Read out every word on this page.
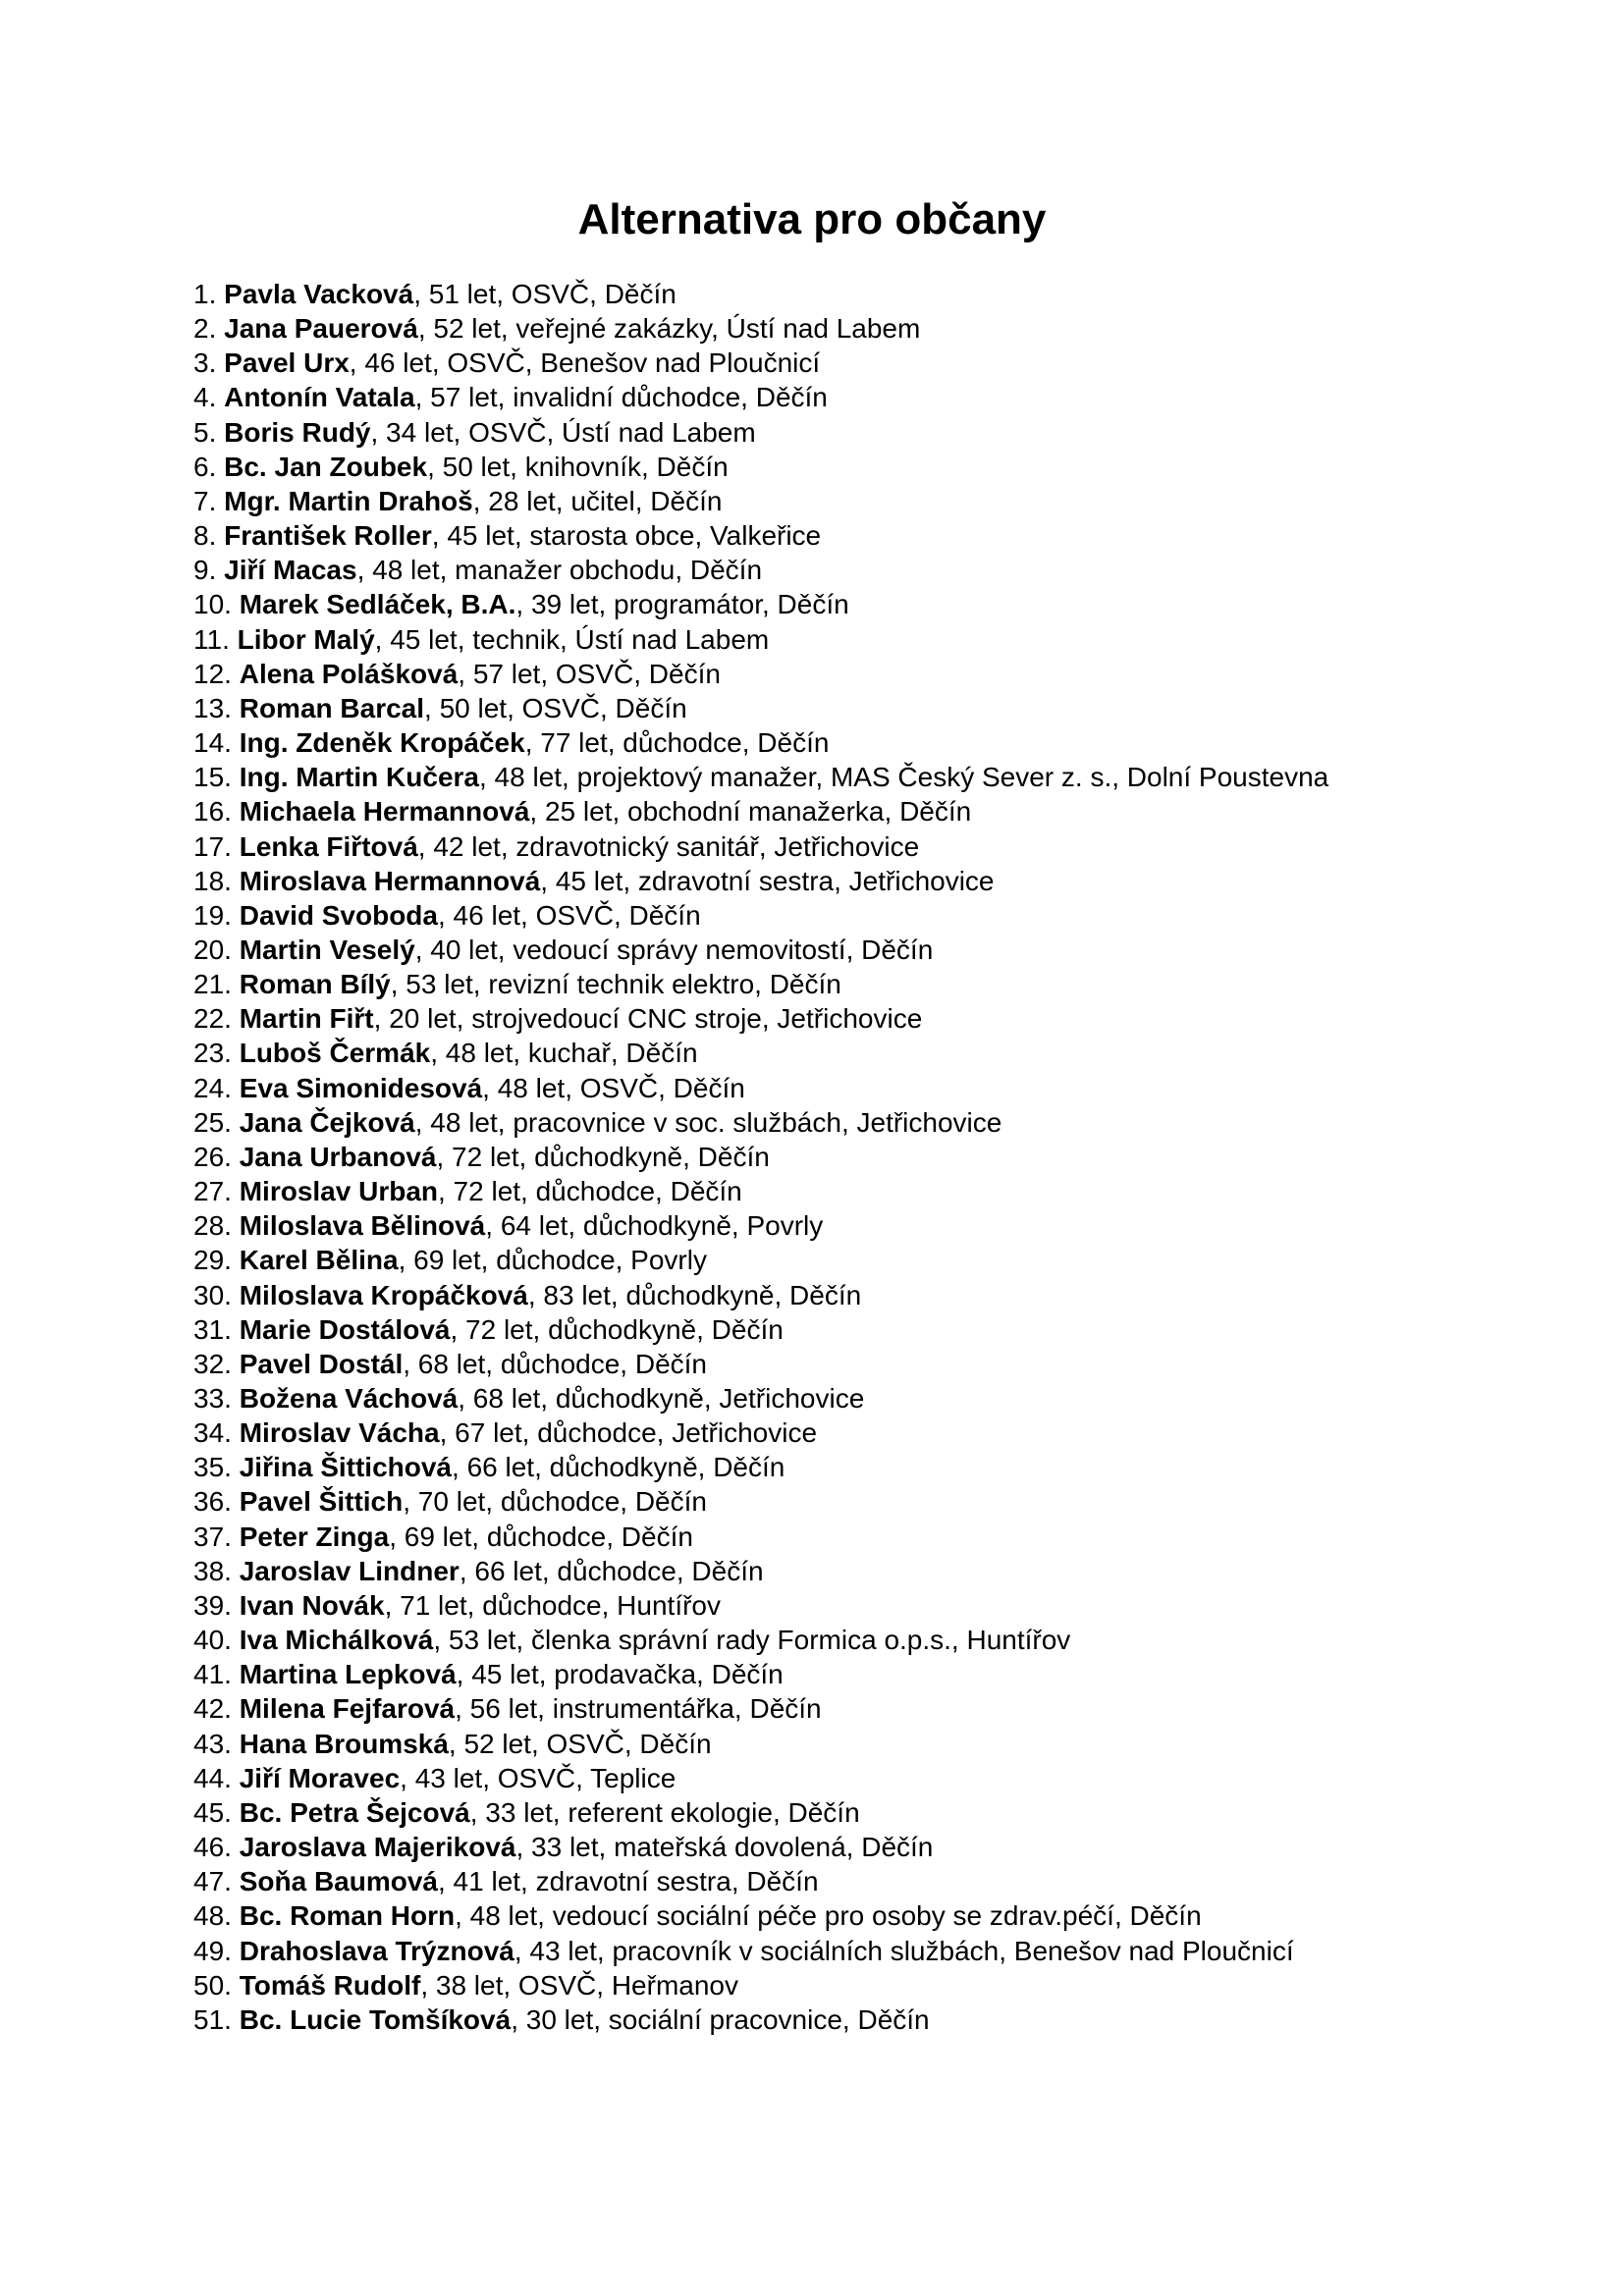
Alternativa pro občany
1. Pavla Vacková, 51 let, OSVČ, Děčín
2. Jana Pauerová, 52 let, veřejné zakázky, Ústí nad Labem
3. Pavel Urx, 46 let, OSVČ, Benešov nad Ploučnicí
4. Antonín Vatala, 57 let, invalidní důchodce, Děčín
5. Boris Rudý, 34 let, OSVČ, Ústí nad Labem
6. Bc. Jan Zoubek, 50 let, knihovník, Děčín
7. Mgr. Martin Drahoš, 28 let, učitel, Děčín
8. František Roller, 45 let, starosta obce, Valkeřice
9. Jiří Macas, 48 let, manažer obchodu, Děčín
10. Marek Sedláček, B.A., 39 let, programátor, Děčín
11. Libor Malý, 45 let, technik, Ústí nad Labem
12. Alena Polášková, 57 let, OSVČ, Děčín
13. Roman Barcal, 50 let, OSVČ, Děčín
14. Ing. Zdeněk Kropáček, 77 let, důchodce, Děčín
15. Ing. Martin Kučera, 48 let, projektový manažer, MAS Český Sever z. s., Dolní Poustevna
16. Michaela Hermannová, 25 let, obchodní manažerka, Děčín
17. Lenka Fiřtová, 42 let, zdravotnický sanitář, Jetřichovice
18. Miroslava Hermannová, 45 let, zdravotní sestra, Jetřichovice
19. David Svoboda, 46 let, OSVČ, Děčín
20. Martin Veselý, 40 let, vedoucí správy nemovitostí, Děčín
21. Roman Bílý, 53 let, revizní technik elektro, Děčín
22. Martin Fiřt, 20 let, strojvedoucí CNC stroje, Jetřichovice
23. Luboš Čermák, 48 let, kuchař, Děčín
24. Eva Simonidesová, 48 let, OSVČ, Děčín
25. Jana Čejková, 48 let, pracovnice v soc. službách, Jetřichovice
26. Jana Urbanová, 72 let, důchodkyně, Děčín
27. Miroslav Urban, 72 let, důchodce, Děčín
28. Miloslava Bělinová, 64 let, důchodkyně, Povrly
29. Karel Bělina, 69 let, důchodce, Povrly
30. Miloslava Kropáčková, 83 let, důchodkyně, Děčín
31. Marie Dostálová, 72 let, důchodkyně, Děčín
32. Pavel Dostál, 68 let, důchodce, Děčín
33. Božena Váchová, 68 let, důchodkyně, Jetřichovice
34. Miroslav Vácha, 67 let, důchodce, Jetřichovice
35. Jiřina Šittichová, 66 let, důchodkyně, Děčín
36. Pavel Šittich, 70 let, důchodce, Děčín
37. Peter Zinga, 69 let, důchodce, Děčín
38. Jaroslav Lindner, 66 let, důchodce, Děčín
39. Ivan Novák, 71 let, důchodce, Huntířov
40. Iva Michálková, 53 let, členka správní rady Formica o.p.s., Huntířov
41. Martina Lepková, 45 let, prodavačka, Děčín
42. Milena Fejfarová, 56 let, instrumentářka, Děčín
43. Hana Broumská, 52 let, OSVČ, Děčín
44. Jiří Moravec, 43 let, OSVČ, Teplice
45. Bc. Petra Šejcová, 33 let, referent ekologie, Děčín
46. Jaroslava Majeriková, 33 let, mateřská dovolená, Děčín
47. Soňa Baumová, 41 let, zdravotní sestra, Děčín
48. Bc. Roman Horn, 48 let, vedoucí sociální péče pro osoby se zdrav.péčí, Děčín
49. Drahoslava Trýznová, 43 let, pracovník v sociálních službách, Benešov nad Ploučnicí
50. Tomáš Rudolf, 38 let, OSVČ, Heřmanov
51. Bc. Lucie Tomšíková, 30 let, sociální pracovnice, Děčín
